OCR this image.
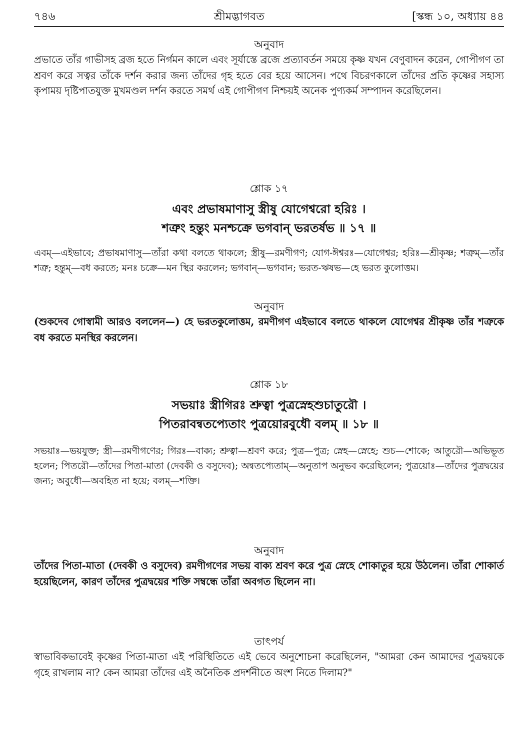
৭৪৬	শ্রীমদ্ভাগবত	[স্কন্ধ ১০, অধ্যায় ৪৪
অনুবাদ

প্রভাতে তাঁর গাভীসহ ব্রজ হতে নির্গমন কালে এবং সূর্যাস্তে ব্রজে প্রত্যাবর্তন সময়ে কৃষ্ণ যখন বেণুবাদন করেন, গোপীগণ তা শ্রবণ করে সত্বর তাঁকে দর্শন করার জন্য তাঁদের গৃহ হতে বের হয়ে আসেন। পথে বিচরণকালে তাঁদের প্রতি কৃষ্ণের সহাস্য কৃপাময় দৃষ্টিপাতযুক্ত মুখমণ্ডল দর্শন করতে সমর্থ এই গোপীগণ নিশ্চয়ই অনেক পুণ্যকর্ম সম্পাদন করেছিলেন।

শ্লোক ১৭
এবং প্রভাষমাণাসু স্ত্রীষু যোগেশ্বরো হরিঃ ।
শত্রুং হন্তুং মনশ্চক্রে ভগবান্ ভরতর্ষভ ॥ ১৭ ॥

এবম্—এইভাবে; প্রভাষমাণাসু—তাঁরা কথা বলতে থাকলে; স্ত্রীষু—রমণীগণ; যোগ-ঈশ্বরঃ—যোগেশ্বর; হরিঃ—শ্রীকৃষ্ণ; শত্রুম্—তাঁর শত্রু; হন্তুম্—বধ করতে; মনঃ চক্রে—মন স্থির করলেন; ভগবান্—ভগবান; ভরত-ঋষভ—হে ভরত কুলোত্তম।

অনুবাদ

(শুকদেব গোস্বামী আরও বললেন—) হে ভরতকুলোত্তম, রমণীগণ এইভাবে বলতে থাকলে যোগেশ্বর শ্রীকৃষ্ণ তাঁর শত্রুকে বধ করতে মনস্থির করলেন।

শ্লোক ১৮
সভয়াঃ স্ত্রীগিরঃ শ্রুত্বা পুত্রস্নেহশুচাতুরৌ ।
পিতরাবন্বতপ্যেতাং পুত্রয়োরবুধৌ বলম্ ॥ ১৮ ॥

সভয়াঃ—ভয়যুক্ত; স্ত্রী—রমণীগণের; গিরঃ—বাক্য; শ্রুত্বা—শ্রবণ করে; পুত্র—পুত্র; স্নেহ—স্নেহে; শুচ—শোকে; আতুরৌ—অভিভূত হলেন; পিতরৌ—তাঁদের পিতা-মাতা (দেবকী ও বসুদেব); অন্বতপ্যেতাম্—অনুতাপ অনুভব করেছিলেন; পুত্রয়োঃ—তাঁদের পুত্রদ্বয়ের জন্য; অবুধৌ—অবহিত না হয়ে; বলম্—শক্তি।

অনুবাদ

তাঁদের পিতা-মাতা (দেবকী ও বসুদেব) রমণীগণের সভয় বাক্য শ্রবণ করে পুত্র স্নেহে শোকাতুর হয়ে উঠলেন। তাঁরা শোকার্ত হয়েছিলেন, কারণ তাঁদের পুত্রদ্বয়ের শক্তি সম্বন্ধে তাঁরা অবগত ছিলেন না।

তাৎপর্য

স্বাভাবিকভাবেই কৃষ্ণের পিতা-মাতা এই পরিস্থিতিতে এই ভেবে অনুশোচনা করেছিলেন, "আমরা কেন আমাদের পুত্রদ্বয়কে গৃহে রাখলাম না? কেন আমরা তাঁদের এই অনৈতিক প্রদর্শনীতে অংশ নিতে দিলাম?"
